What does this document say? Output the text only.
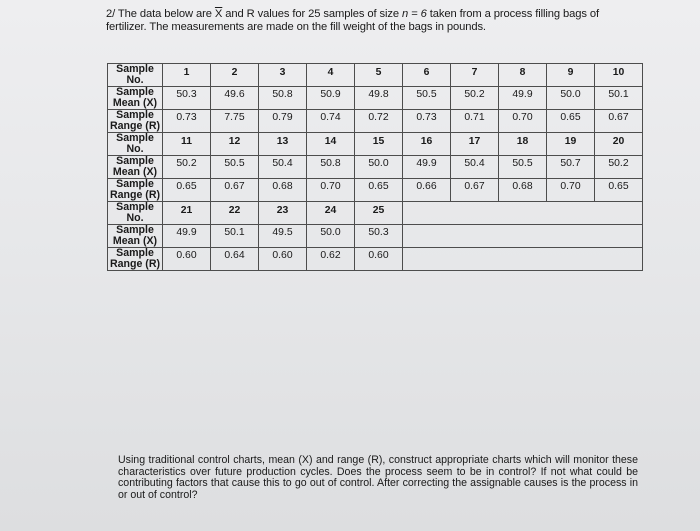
2/ The data below are $\overline{X}$ and R values for 25 samples of size n = 6 taken from a process filling bags of
fertilizer. The measurements are made on the fill weight of the bags in pounds.
Sample No.	1	2	3	4	5	6	7	8	9	10
Sample Mean (X)	50.3	49.6	50.8	50.9	49.8	50.5	50.2	49.9	50.0	50.1
Sample Range (R)	0.73	7.75	0.79	0.74	0.72	0.73	0.71	0.70	0.65	0.67
Sample No.	11	12	13	14	15	16	17	18	19	20
Sample Mean (X)	50.2	50.5	50.4	50.8	50.0	49.9	50.4	50.5	50.7	50.2
Sample Range (R)	0.65	0.67	0.68	0.70	0.65	0.66	0.67	0.68	0.70	0.65
Sample No.	21	22	23	24	25					
Sample Mean (X)	49.9	50.1	49.5	50.0	50.3					
Sample Range (R)	0.60	0.64	0.60	0.62	0.60					
Using traditional control charts, mean (X) and range (R), construct appropriate charts which will monitor these characteristics over future production cycles. Does the process seem to be in control? If not what could be contributing factors that cause this to go out of control. After correcting the assignable causes is the process in or out of control?
